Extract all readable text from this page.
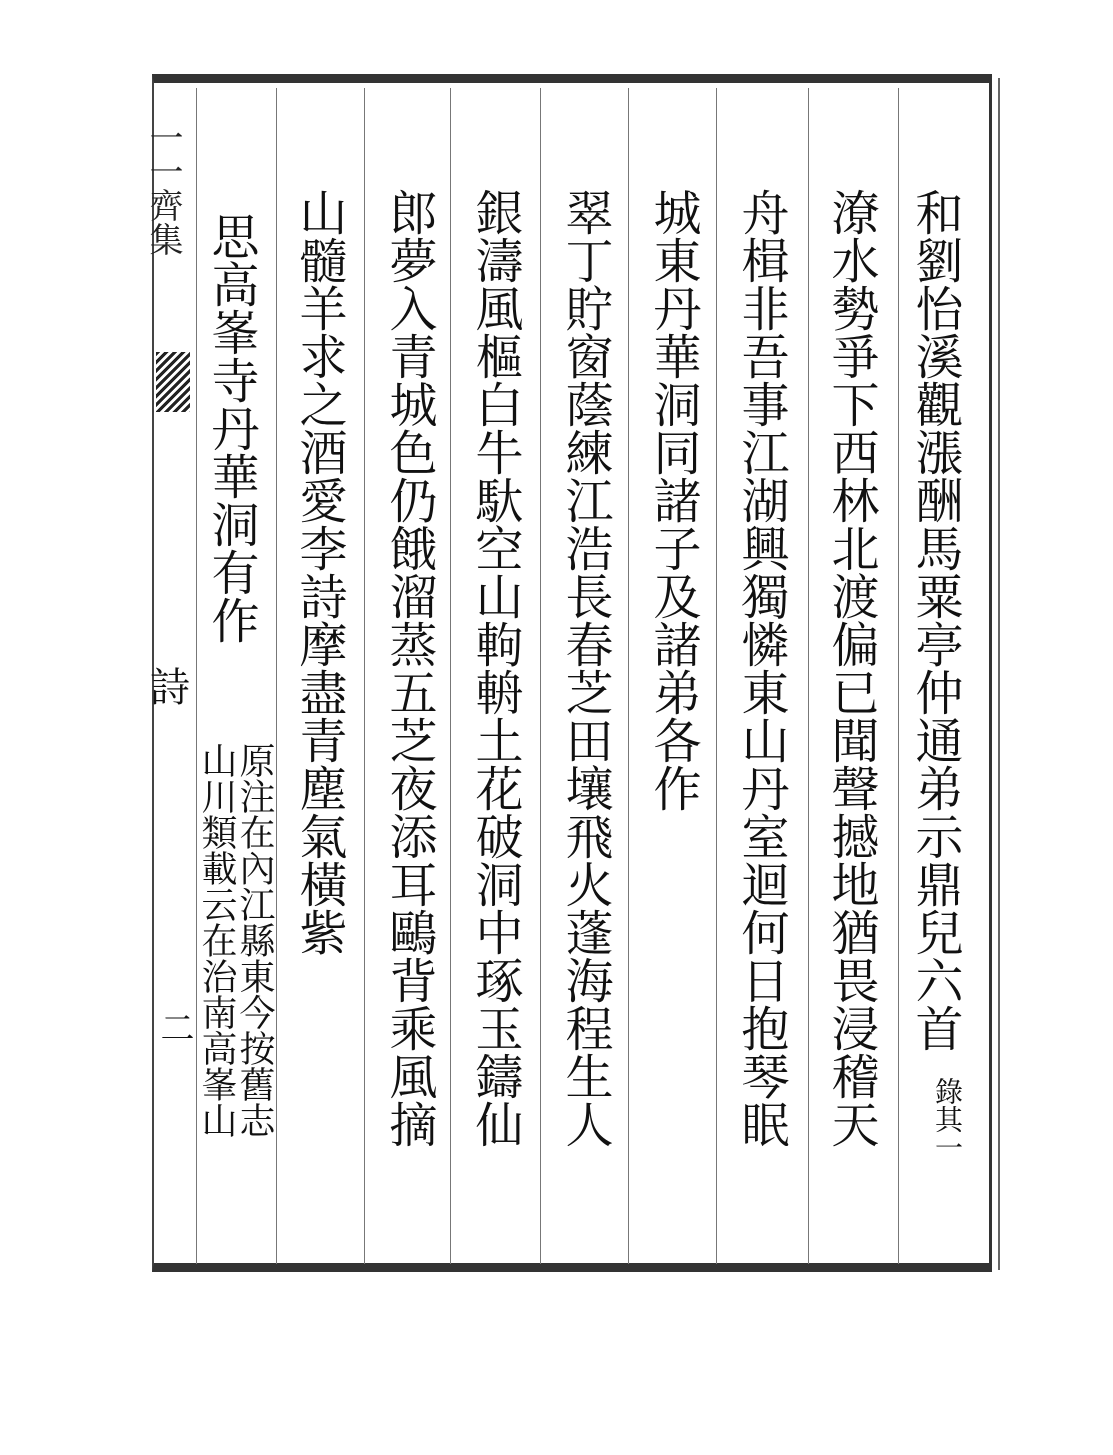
一一齊集
詩
二	和劉怡溪觀漲酬馬粟亭仲通弟示鼎兒六首
錄其一
潦水勢爭下西林北渡偏已聞聲撼地猶畏浸稽天
舟楫非吾事江湖興獨憐東山丹室迴何日抱琴眠
城東丹華洞同諸子及諸弟各作
翠丁貯窗蔭練江浩長春芝田壤飛火蓬海程生人
銀濤風樞白牛馱空山軥輈土花破洞中琢玉鑄仙
郎夢入青城色仍餓溜蒸五芝夜添耳鷗背乘風摘
山髓羊求之酒愛李詩摩盡青塵氣橫紫
思高峯寺丹華洞有作
原注在內江縣東今按舊志
山川類載云在治南高峯山
